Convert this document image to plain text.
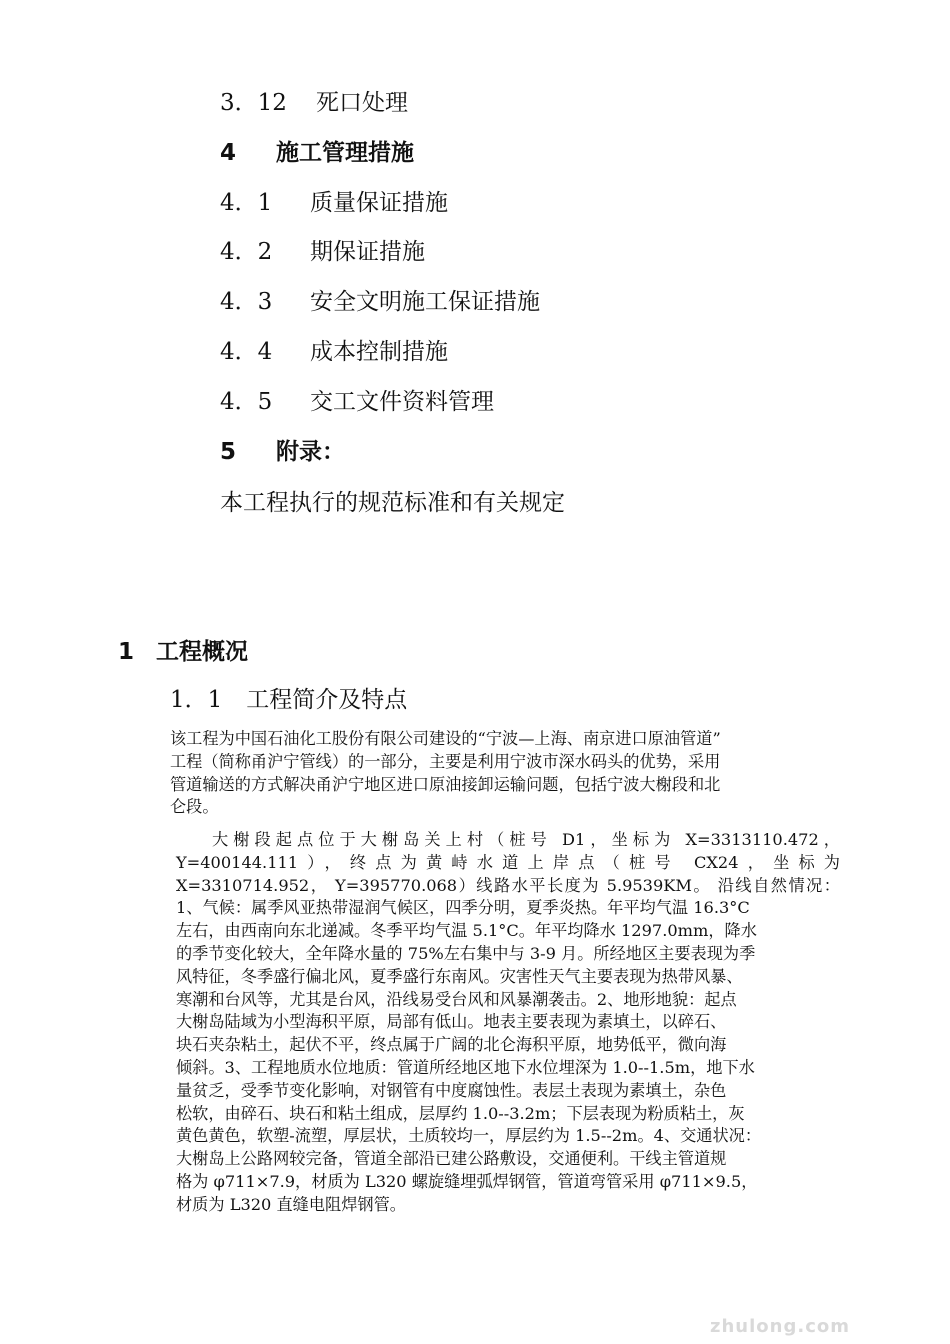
3．12 死口处理
4 施工管理措施
4．1 质量保证措施
4．2 期保证措施
4．3 安全文明施工保证措施
4．4 成本控制措施
4．5 交工文件资料管理
5 附录：
本工程执行的规范标准和有关规定
1 工程概况
1．1 工程简介及特点
该工程为中国石油化工股份有限公司建设的“宁波—上海、南京进口原油管道”
工程（简称甬沪宁管线）的一部分，主要是利用宁波市深水码头的优势，采用
管道输送的方式解决甬沪宁地区进口原油接卸运输问题，包括宁波大榭段和北
仑段。
大榭段起点位于大榭岛关上村（桩号 D1，坐标为 X=3313110.472，
Y=400144.111），终点为黄峙水道上岸点（桩号 CX24，坐标为
X=3310714.952， Y=395770.068）线路水平长度为 5.9539KM。 沿线自然情况：
1、气候：属季风亚热带湿润气候区，四季分明，夏季炎热。年平均气温 16.3°C
左右，由西南向东北递减。冬季平均气温 5.1°C。年平均降水 1297.0mm，降水
的季节变化较大，全年降水量的 75%左右集中与 3-9 月。所经地区主要表现为季
风特征，冬季盛行偏北风，夏季盛行东南风。灾害性天气主要表现为热带风暴、
寒潮和台风等，尤其是台风，沿线易受台风和风暴潮袭击。2、地形地貌：起点
大榭岛陆域为小型海积平原，局部有低山。地表主要表现为素填土，以碎石、
块石夹杂粘土，起伏不平，终点属于广阔的北仑海积平原，地势低平，微向海
倾斜。3、工程地质水位地质：管道所经地区地下水位埋深为 1.0--1.5m，地下水
量贫乏，受季节变化影响，对钢管有中度腐蚀性。表层土表现为素填土，杂色
松软，由碎石、块石和粘土组成，层厚约 1.0--3.2m；下层表现为粉质粘土，灰
黄色黄色，软塑-流塑，厚层状，土质较均一，厚层约为 1.5--2m。4、交通状况：
大榭岛上公路网较完备，管道全部沿已建公路敷设，交通便利。干线主管道规
格为 φ711×7.9，材质为 L320 螺旋缝埋弧焊钢管，管道弯管采用 φ711×9.5，
材质为 L320 直缝电阻焊钢管。
zhulong.com
